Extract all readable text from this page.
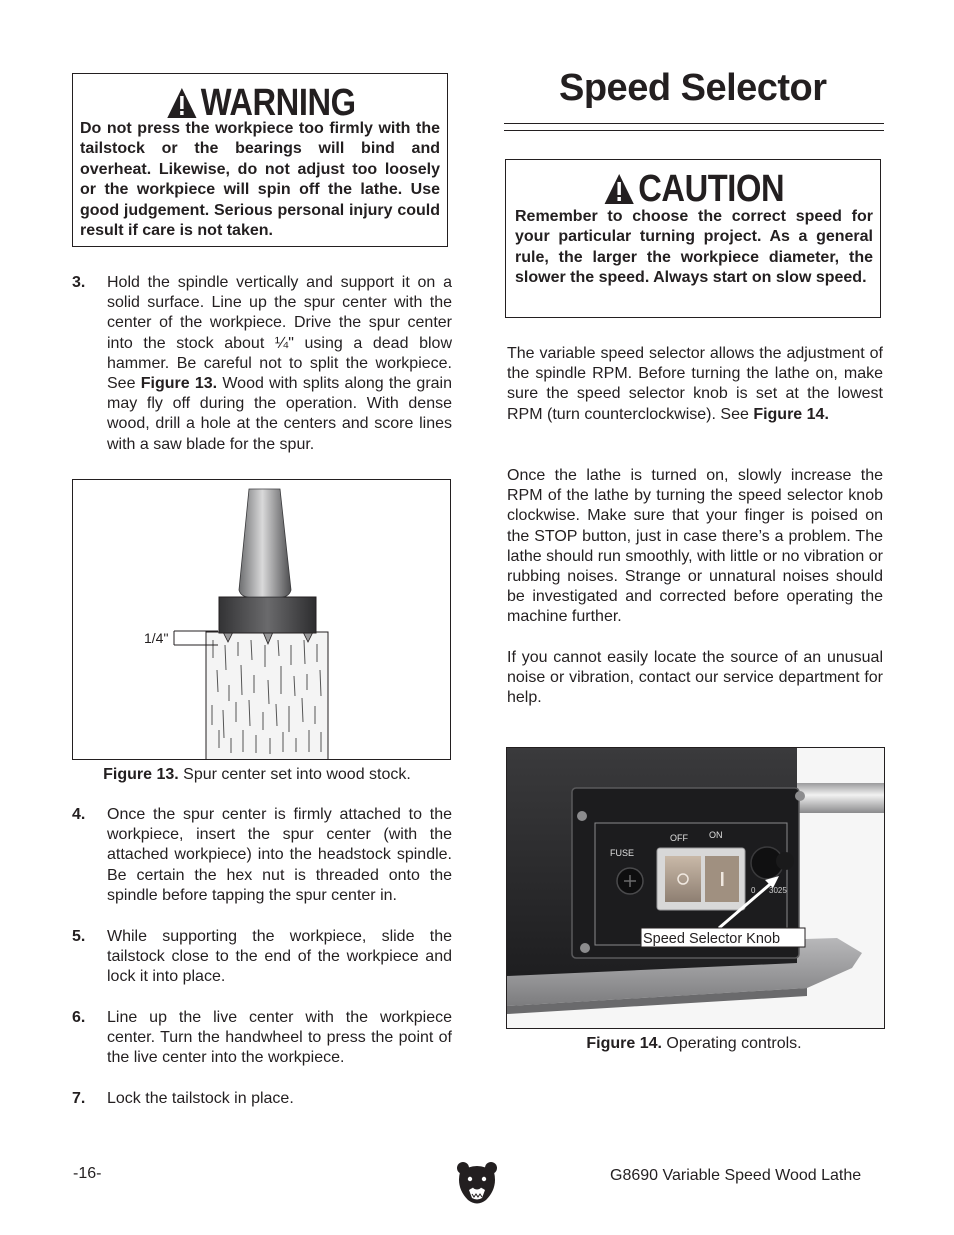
WARNING
Do not press the workpiece too firmly with the tailstock or the bearings will bind and overheat. Likewise, do not adjust too loosely or the workpiece will spin off the lathe. Use good judgement. Serious personal injury could result if care is not taken.
3. Hold the spindle vertically and support it on a solid surface. Line up the spur center with the center of the workpiece. Drive the spur center into the stock about ¼" using a dead blow hammer. Be careful not to split the workpiece. See Figure 13. Wood with splits along the grain may fly off during the operation. With dense wood, drill a hole at the centers and score lines with a saw blade for the spur.
1/4"
Figure 13. Spur center set into wood stock.
4. Once the spur center is firmly attached to the workpiece, insert the spur center (with the attached workpiece) into the headstock spindle. Be certain the hex nut is threaded onto the spindle before tapping the spur center in.
5. While supporting the workpiece, slide the tailstock close to the end of the workpiece and lock it into place.
6. Line up the live center with the workpiece center. Turn the handwheel to press the point of the live center into the workpiece.
7. Lock the tailstock in place.
Speed Selector
CAUTION
Remember to choose the correct speed for your particular turning project. As a general rule, the larger the workpiece diameter, the slower the speed. Always start on slow speed.
The variable speed selector allows the adjustment of the spindle RPM. Before turning the lathe on, make sure the speed selector knob is set at the lowest RPM (turn counterclockwise). See Figure 14.
Once the lathe is turned on, slowly increase the RPM of the lathe by turning the speed selector knob clockwise. Make sure that your finger is poised on the STOP button, just in case there’s a problem. The lathe should run smoothly, with little or no vibration or rubbing noises. Strange or unnatural noises should be investigated and corrected before operating the machine further.
If you cannot easily locate the source of an unusual noise or vibration, contact our service department for help.
FUSE
OFF ON
0 3025
Speed Selector Knob
Figure 14. Operating controls.
-16-	G8690 Variable Speed Wood Lathe
